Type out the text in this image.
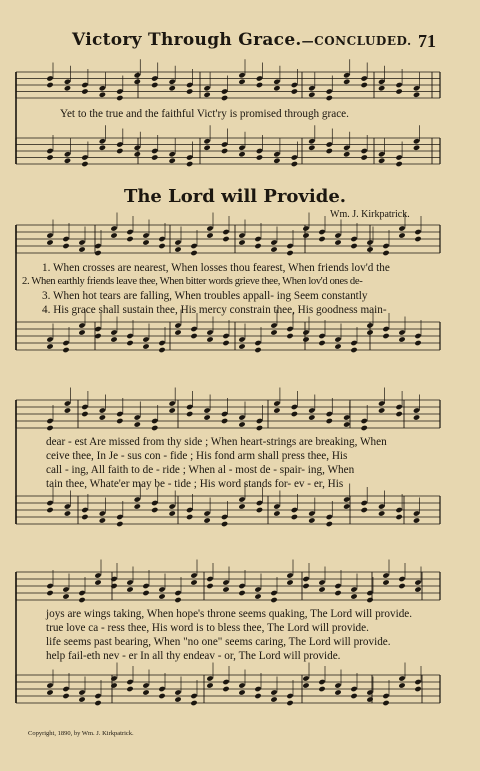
Victory Through Grace.—CONCLUDED. 71
Yet to the true and the faithful Vict'ry is promised through grace.
The Lord will Provide.
Wm. J. Kirkpatrick.
1. When crosses are nearest, When losses thou fearest, When friends lov'd the
2. When earthly friends leave thee, When bitter words grieve thee, When lov'd ones de-
3. When hot tears are falling, When troubles appall- ing Seem constantly
4. His grace shall sustain thee, His mercy constrain thee, His goodness main-
dear - est Are missed from thy side ; When heart-strings are breaking, When
ceive thee, In Je - sus con - fide ; His fond arm shall press thee, His
call - ing, All faith to de - ride ; When al - most de - spair- ing, When
tain thee, Whate'er may be - tide ; His word stands for- ev - er, His
joys are wings taking, When hope's throne seems quaking, The Lord will provide.
true love ca - ress thee, His word is to bless thee, The Lord will provide.
life seems past bearing, When "no one" seems caring, The Lord will provide.
help fail-eth nev - er In all thy endeav - or, The Lord will provide.
Copyright, 1890, by Wm. J. Kirkpatrick.
